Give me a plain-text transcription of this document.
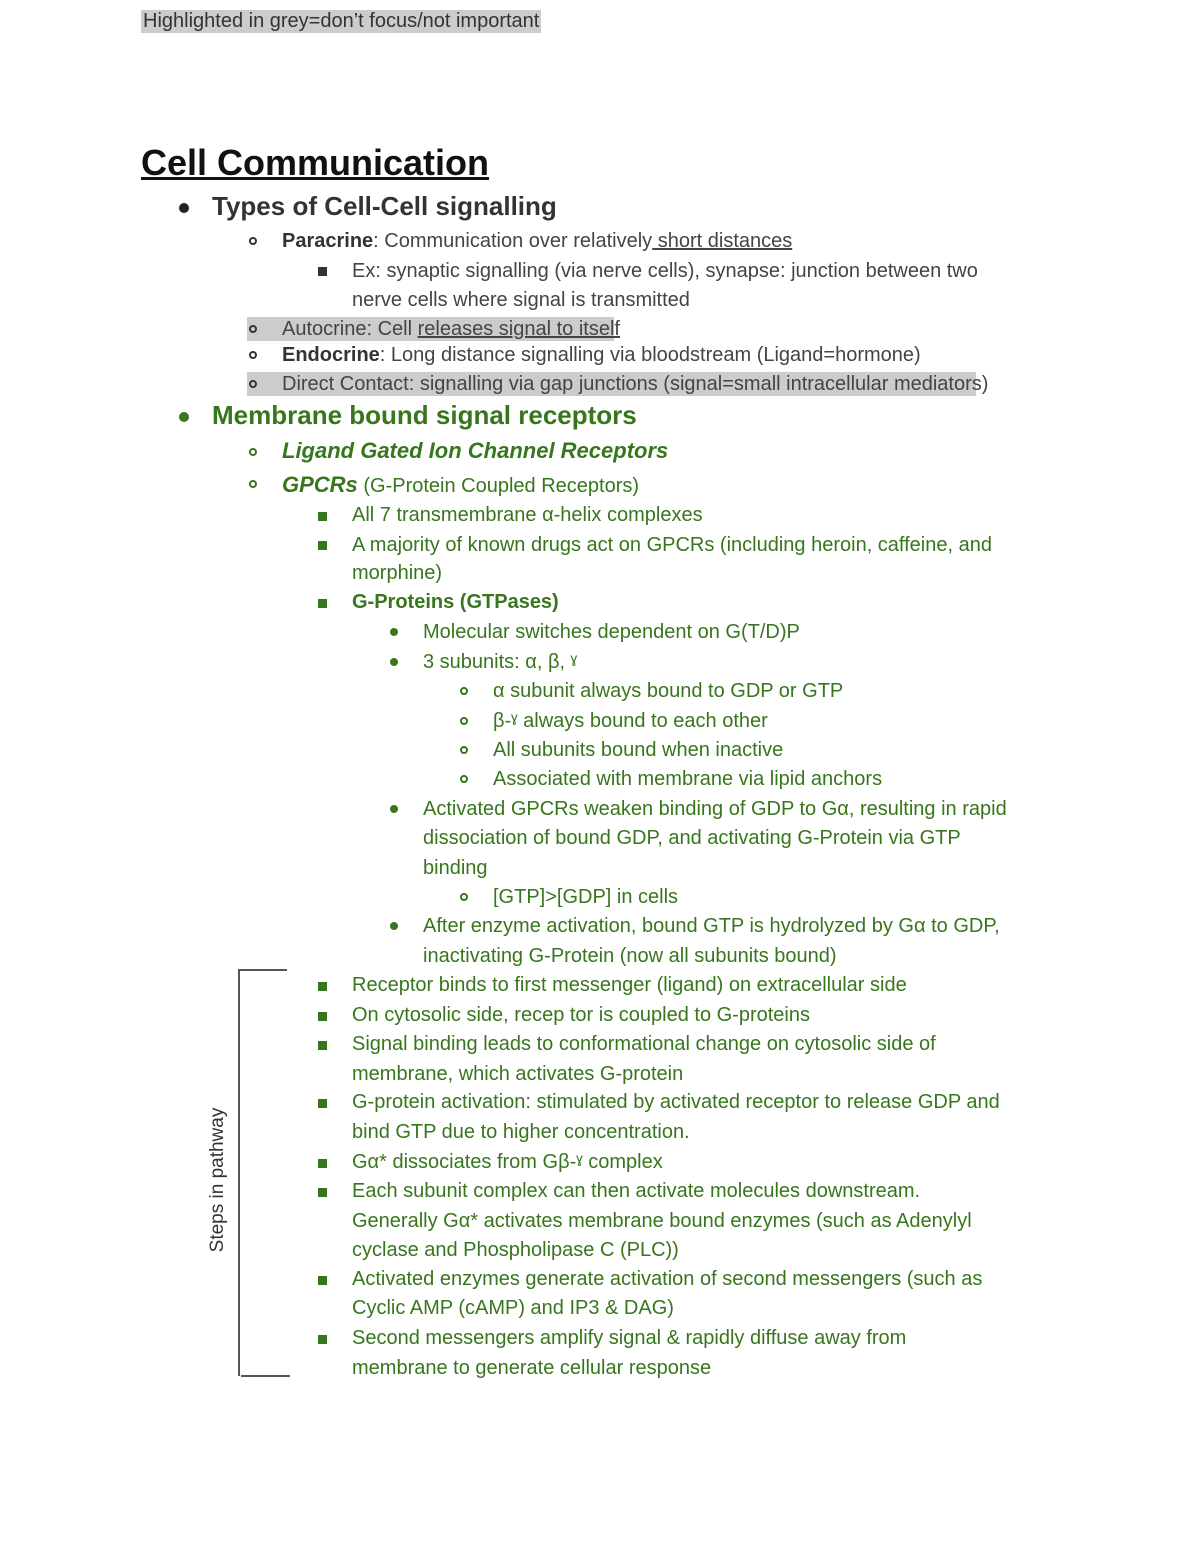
Highlighted in grey=don’t focus/not important
Cell Communication
Types of Cell-Cell signalling
Paracrine: Communication over relatively short distances
Ex: synaptic signalling (via nerve cells), synapse: junction between two
nerve cells where signal is transmitted
Autocrine: Cell releases signal to itself
Endocrine: Long distance signalling via bloodstream (Ligand=hormone)
Direct Contact: signalling via gap junctions (signal=small intracellular mediators)
Membrane bound signal receptors
Ligand Gated Ion Channel Receptors
GPCRs (G-Protein Coupled Receptors)
All 7 transmembrane α-helix complexes
A majority of known drugs act on GPCRs (including heroin, caffeine, and
morphine)
G-Proteins (GTPases)
Molecular switches dependent on G(T/D)P
3 subunits: α, β, ˠ
α subunit always bound to GDP or GTP
β-ˠ always bound to each other
All subunits bound when inactive
Associated with membrane via lipid anchors
Activated GPCRs weaken binding of GDP to Gα, resulting in rapid
dissociation of bound GDP, and activating G-Protein via GTP
binding
[GTP]>[GDP] in cells
After enzyme activation, bound GTP is hydrolyzed by Gα to GDP,
inactivating G-Protein (now all subunits bound)
Steps in pathway
Receptor binds to first messenger (ligand) on extracellular side
On cytosolic side, recep tor is coupled to G-proteins
Signal binding leads to conformational change on cytosolic side of
membrane, which activates G-protein
G-protein activation: stimulated by activated receptor to release GDP and
bind GTP due to higher concentration.
Gα* dissociates from Gβ-ˠ complex
Each subunit complex can then activate molecules downstream.
Generally Gα* activates membrane bound enzymes (such as Adenylyl
cyclase and Phospholipase C (PLC))
Activated enzymes generate activation of second messengers (such as
Cyclic AMP (cAMP) and IP3 & DAG)
Second messengers amplify signal & rapidly diffuse away from
membrane to generate cellular response
